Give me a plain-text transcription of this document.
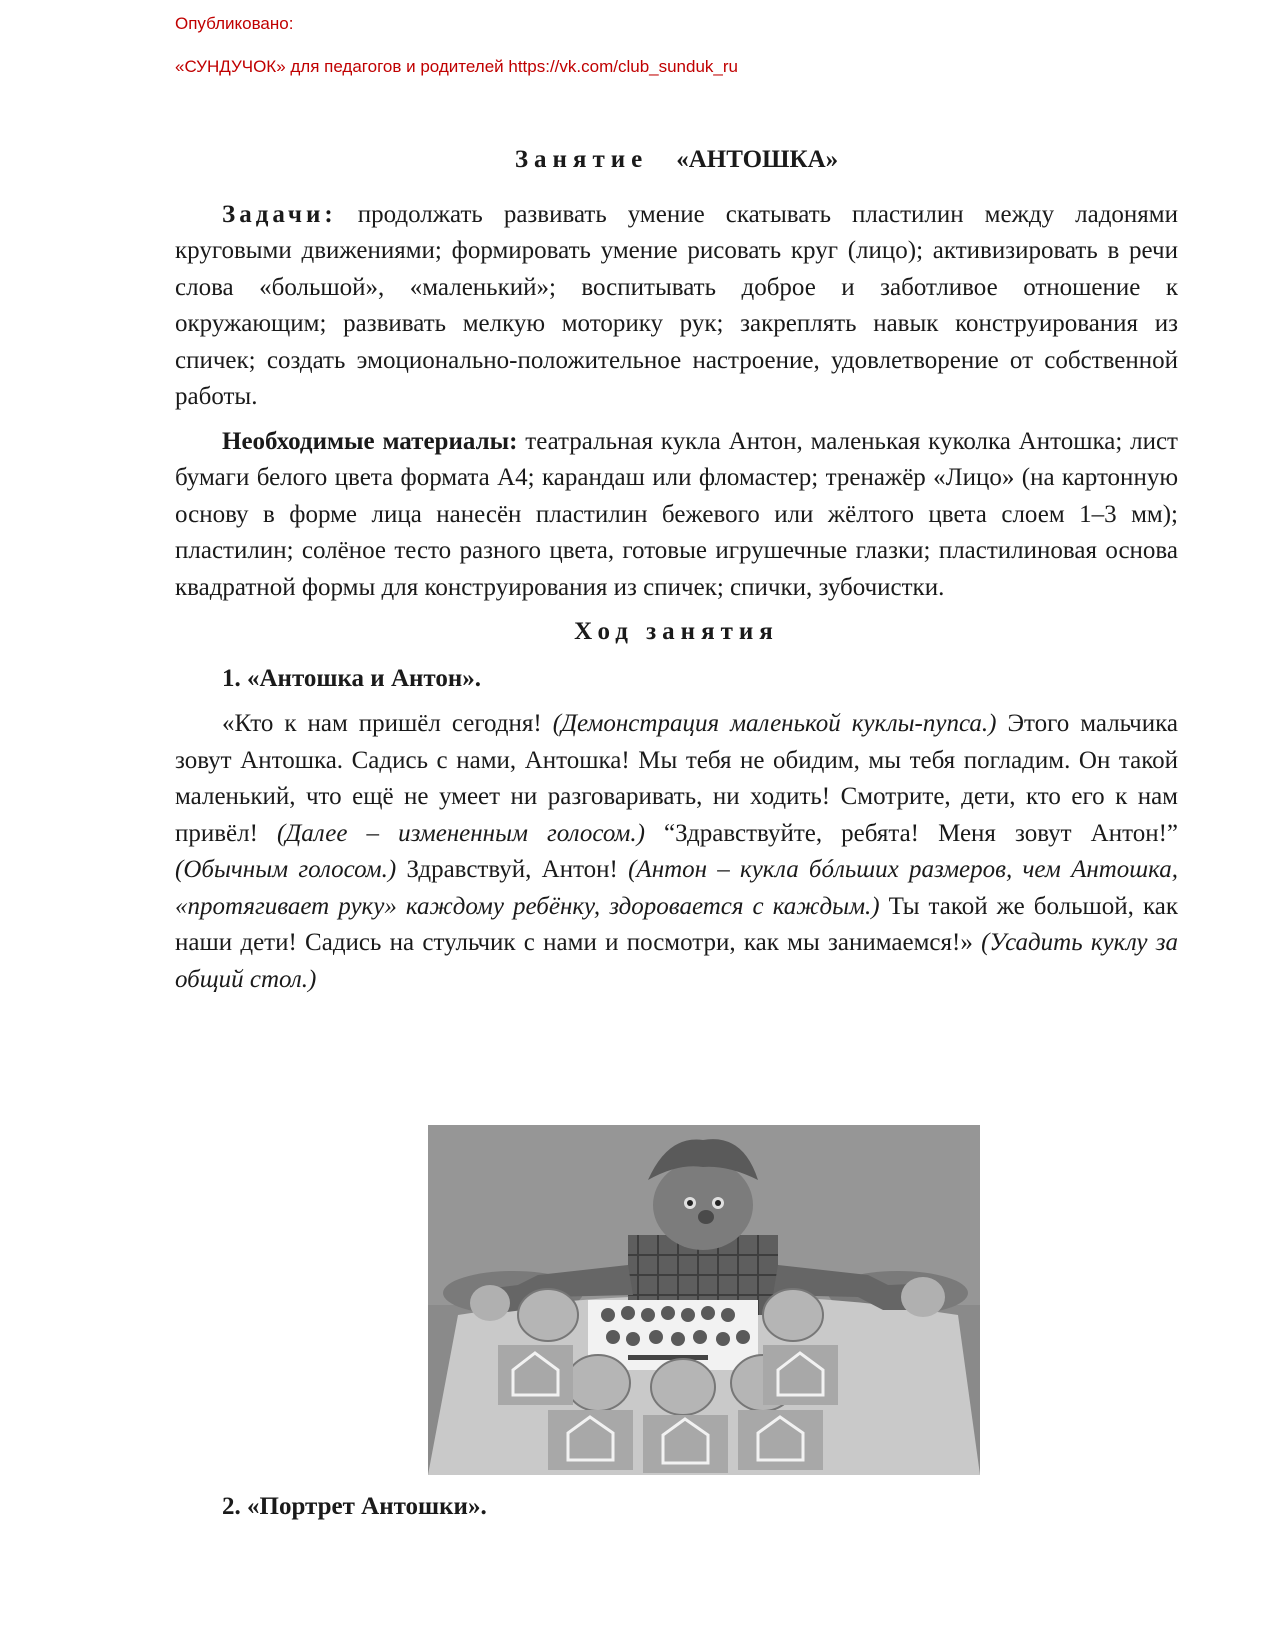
Опубликовано:
«СУНДУЧОК» для педагогов и родителей https://vk.com/club_sunduk_ru
Занятие «АНТОШКА»

Задачи: продолжать развивать умение скатывать пластилин между ладонями круговыми движениями; формировать умение рисовать круг (лицо); активизировать в речи слова «большой», «маленький»; воспитывать доброе и заботливое отношение к окружающим; развивать мелкую моторику рук; закреплять навык конструирования из спичек; создать эмоционально-положительное настроение, удовлетворение от собственной работы.

Необходимые материалы: театральная кукла Антон, маленькая куколка Антошка; лист бумаги белого цвета формата А4; карандаш или фломастер; тренажёр «Лицо» (на картонную основу в форме лица нанесён пластилин бежевого или жёлтого цвета слоем 1–3 мм); пластилин; солёное тесто разного цвета, готовые игрушечные глазки; пластилиновая основа квадратной формы для конструирования из спичек; спички, зубочистки.

Ход занятия
1. «Антошка и Антон».

«Кто к нам пришёл сегодня! (Демонстрация маленькой куклы-пупса.) Этого мальчика зовут Антошка. Садись с нами, Антошка! Мы тебя не обидим, мы тебя погладим. Он такой маленький, что ещё не умеет ни разговаривать, ни ходить! Смотрите, дети, кто его к нам привёл! (Далее – измененным голосом.) “Здравствуйте, ребята! Меня зовут Антон!” (Обычным голосом.) Здравствуй, Антон! (Антон – кукла бóльших размеров, чем Антошка, «протягивает руку» каждому ребёнку, здоровается с каждым.) Ты такой же большой, как наши дети! Садись на стульчик с нами и посмотри, как мы занимаемся!» (Усадить куклу за общий стол.)

2. «Портрет Антошки».
